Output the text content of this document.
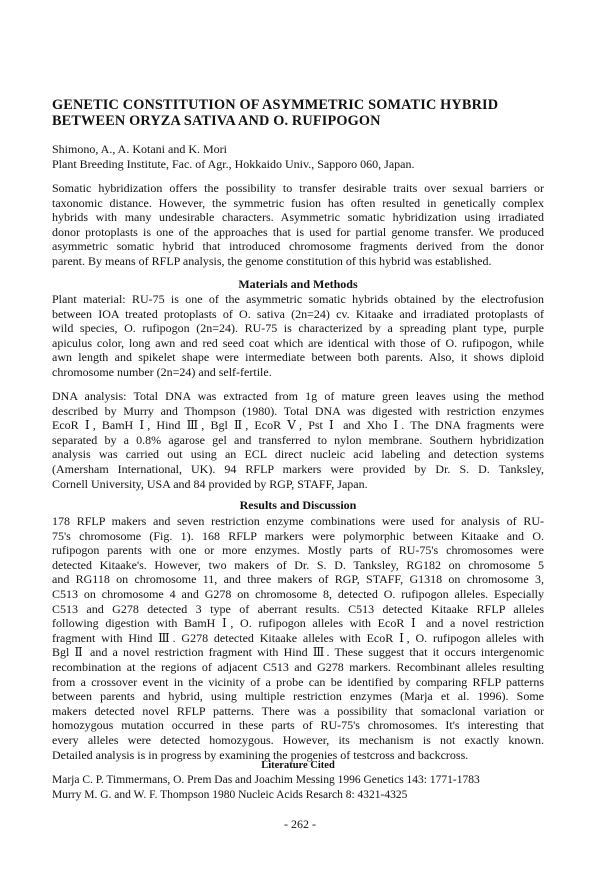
GENETIC CONSTITUTION OF ASYMMETRIC SOMATIC HYBRID
BETWEEN ORYZA SATIVA AND O. RUFIPOGON
Shimono, A., A. Kotani and K. Mori
Plant Breeding Institute, Fac. of Agr., Hokkaido Univ., Sapporo 060, Japan.
Somatic hybridization offers the possibility to transfer desirable traits over sexual barriers or
taxonomic distance. However, the symmetric fusion has often resulted in genetically complex
hybrids with many undesirable characters. Asymmetric somatic hybridization using irradiated
donor protoplasts is one of the approaches that is used for partial genome transfer. We produced
asymmetric somatic hybrid that introduced chromosome fragments derived from the donor
parent. By means of RFLP analysis, the genome constitution of this hybrid was established.
Materials and Methods
Plant material: RU-75 is one of the asymmetric somatic hybrids obtained by the electrofusion
between IOA treated protoplasts of O. sativa (2n=24) cv. Kitaake and irradiated protoplasts of
wild species, O. rufipogon (2n=24). RU-75 is characterized by a spreading plant type, purple
apiculus color, long awn and red seed coat which are identical with those of O. rufipogon, while
awn length and spikelet shape were intermediate between both parents. Also, it shows diploid
chromosome number (2n=24) and self-fertile.
DNA analysis: Total DNA was extracted from 1g of mature green leaves using the method
described by Murry and Thompson (1980). Total DNA was digested with restriction enzymes
EcoR Ⅰ, BamH Ⅰ, Hind Ⅲ, Bgl Ⅱ, EcoR Ⅴ, Pst Ⅰ and Xho Ⅰ. The DNA fragments were
separated by a 0.8% agarose gel and transferred to nylon membrane. Southern hybridization
analysis was carried out using an ECL direct nucleic acid labeling and detection systems
(Amersham International, UK). 94 RFLP markers were provided by Dr. S. D. Tanksley,
Cornell University, USA and 84 provided by RGP, STAFF, Japan.
Results and Discussion
178 RFLP makers and seven restriction enzyme combinations were used for analysis of RU-
75's chromosome (Fig. 1). 168 RFLP markers were polymorphic between Kitaake and O.
rufipogon parents with one or more enzymes. Mostly parts of RU-75's chromosomes were
detected Kitaake's. However, two makers of Dr. S. D. Tanksley, RG182 on chromosome 5
and RG118 on chromosome 11, and three makers of RGP, STAFF, G1318 on chromosome 3,
C513 on chromosome 4 and G278 on chromosome 8, detected O. rufipogon alleles. Especially
C513 and G278 detected 3 type of aberrant results. C513 detected Kitaake RFLP alleles
following digestion with BamH Ⅰ, O. rufipogon alleles with EcoR Ⅰ and a novel restriction
fragment with Hind Ⅲ. G278 detected Kitaake alleles with EcoR Ⅰ, O. rufipogon alleles with
Bgl Ⅱ and a novel restriction fragment with Hind Ⅲ. These suggest that it occurs intergenomic
recombination at the regions of adjacent C513 and G278 markers. Recombinant alleles resulting
from a crossover event in the vicinity of a probe can be identified by comparing RFLP patterns
between parents and hybrid, using multiple restriction enzymes (Marja et al. 1996). Some
makers detected novel RFLP patterns. There was a possibility that somaclonal variation or
homozygous mutation occurred in these parts of RU-75's chromosomes. It's interesting that
every alleles were detected homozygous. However, its mechanism is not exactly known.
Detailed analysis is in progress by examining the progenies of testcross and backcross.
Literature Cited
Marja C. P. Timmermans, O. Prem Das and Joachim Messing 1996 Genetics 143: 1771-1783
Murry M. G. and W. F. Thompson 1980 Nucleic Acids Resarch 8: 4321-4325
- 262 -
